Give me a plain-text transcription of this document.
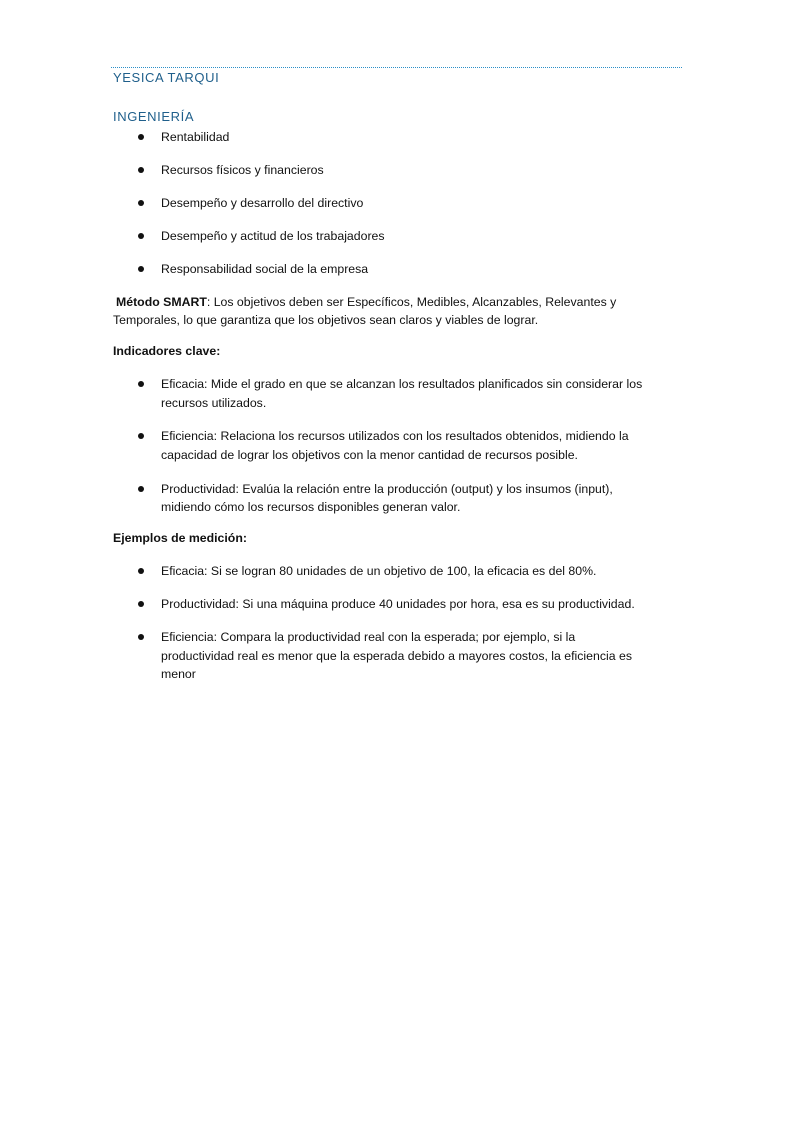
YESICA TARQUI
INGENIERÍA
Rentabilidad
Recursos físicos y financieros
Desempeño y desarrollo del directivo
Desempeño y actitud de los trabajadores
Responsabilidad social de la empresa
Método SMART: Los objetivos deben ser Específicos, Medibles, Alcanzables, Relevantes y
Temporales, lo que garantiza que los objetivos sean claros y viables de lograr.
Indicadores clave:
Eficacia: Mide el grado en que se alcanzan los resultados planificados sin considerar los
recursos utilizados.
Eficiencia: Relaciona los recursos utilizados con los resultados obtenidos, midiendo la
capacidad de lograr los objetivos con la menor cantidad de recursos posible.
Productividad: Evalúa la relación entre la producción (output) y los insumos (input),
midiendo cómo los recursos disponibles generan valor.
Ejemplos de medición:
Eficacia: Si se logran 80 unidades de un objetivo de 100, la eficacia es del 80%.
Productividad: Si una máquina produce 40 unidades por hora, esa es su productividad.
Eficiencia: Compara la productividad real con la esperada; por ejemplo, si la
productividad real es menor que la esperada debido a mayores costos, la eficiencia es
menor
